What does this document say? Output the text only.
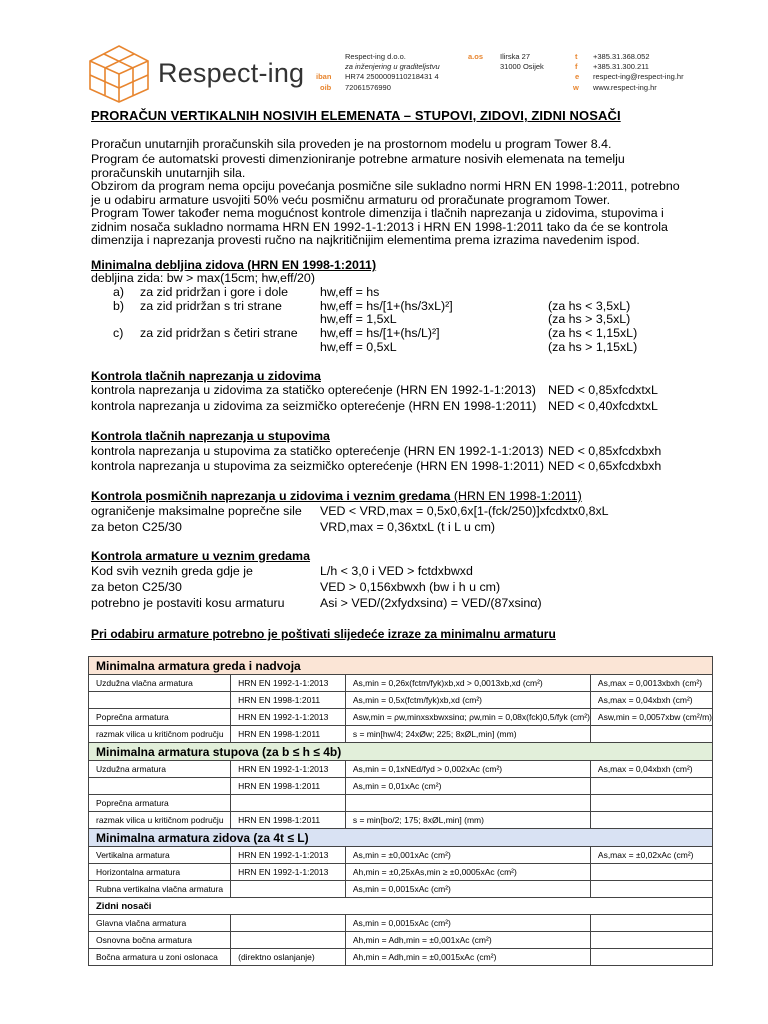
Respect-ing
Respect-ing d.o.o.
za inženjering u graditeljstvu
iban HR74 2500009110218431 4
oib 72061576990
a.os Ilirska 27
31000 Osijek
t +385.31.368.052
f +385.31.300.211
e respect-ing@respect-ing.hr
w www.respect-ing.hr
PRORAČUN VERTIKALNIH NOSIVIH ELEMENATA – STUPOVI, ZIDOVI, ZIDNI NOSAČI
Proračun unutarnjih proračunskih sila proveden je na prostornom modelu u program Tower 8.4.
Program će automatski provesti dimenzioniranje potrebne armature nosivih elemenata na temelju proračunskih unutarnjih sila.
Obzirom da program nema opciju povećanja posmične sile sukladno normi HRN EN 1998-1:2011, potrebno je u odabiru armature usvojiti 50% veću posmičnu armaturu od proračunate programom Tower.
Program Tower također nema mogućnost kontrole dimenzija i tlačnih naprezanja u zidovima, stupovima i zidnim nosača sukladno normama HRN EN 1992-1-1:2013 i HRN EN 1998-1:2011 tako da će se kontrola dimenzija i naprezanja provesti ručno na najkritičnijim elementima prema izrazima navedenim ispod.
Minimalna debljina zidova (HRN EN 1998-1:2011)
debljina zida: bw > max(15cm; hw,eff/20)
a) za zid pridržan i gore i dole	hw,eff = hs
b) za zid pridržan s tri strane	hw,eff = hs/[1+(hs/3xL)²]	(za hs < 3,5xL)
hw,eff = 1,5xL	(za hs > 3,5xL)
c) za zid pridržan s četiri strane hw,eff = hs/[1+(hs/L)²]	(za hs < 1,15xL)
hw,eff = 0,5xL	(za hs > 1,15xL)
Kontrola tlačnih naprezanja u zidovima
kontrola naprezanja u zidovima za statičko opterećenje (HRN EN 1992-1-1:2013) NED < 0,85xfcdxtxL
kontrola naprezanja u zidovima za seizmičko opterećenje (HRN EN 1998-1:2011) NED < 0,40xfcdxtxL
Kontrola tlačnih naprezanja u stupovima
kontrola naprezanja u stupovima za statičko opterećenje (HRN EN 1992-1-1:2013) NED < 0,85xfcdxbxh
kontrola naprezanja u stupovima za seizmičko opterećenje (HRN EN 1998-1:2011) NED < 0,65xfcdxbxh
Kontrola posmičnih naprezanja u zidovima i veznim gredama (HRN EN 1998-1:2011)
ograničenje maksimalne poprečne sile VED < VRD,max = 0,5x0,6x[1-(fck/250)]xfcdxtx0,8xL
za beton C25/30	VRD,max = 0,36xtxL (t i L u cm)
Kontrola armature u veznim gredama
Kod svih veznih greda gdje je	L/h < 3,0 i VED > fctdxbwxd
za beton C25/30	VED > 0,156xbwxh (bw i h u cm)
potrebno je postaviti kosu armaturu	Asi > VED/(2xfydxsinα) = VED/(87xsinα)
Pri odabiru armature potrebno je poštivati slijedeće izraze za minimalnu armaturu
Minimalna armatura greda i nadvoja			
Uzdužna vlačna armatura	HRN EN 1992-1-1:2013	As,min = 0,26x(fctm/fyk)xb,xd > 0,0013xb,xd (cm²)	As,max = 0,0013xbxh (cm²)
	HRN EN 1998-1:2011	As,min = 0,5x(fctm/fyk)xb,xd (cm²)	As,max = 0,04xbxh (cm²)
Poprečna armatura	HRN EN 1992-1-1:2013	Asw,min = ρw,minxsxbwxsinα; ρw,min = 0,08x(fck)0,5/fyk (cm²)	Asw,min = 0,0057xbw (cm²/m)
razmak vilica u kritičnom području	HRN EN 1998-1:2011	s = min[hw/4; 24xØw; 225; 8xØL,min] (mm)	
Minimalna armatura stupova (za b ≤ h ≤ 4b)			
Uzdužna armatura	HRN EN 1992-1-1:2013	As,min = 0,1xNEd/fyd > 0,002xAc (cm²)	As,max = 0,04xbxh (cm²)
	HRN EN 1998-1:2011	As,min = 0,01xAc (cm²)	
Poprečna armatura			
razmak vilica u kritičnom području	HRN EN 1998-1:2011	s = min[bo/2; 175; 8xØL,min] (mm)	
Minimalna armatura zidova (za 4t ≤ L)			
Vertikalna armatura	HRN EN 1992-1-1:2013	As,min = ±0,001xAc (cm²)	As,max = ±0,02xAc (cm²)
Horizontalna armatura	HRN EN 1992-1-1:2013	Ah,min = ±0,25xAs,min ≥ ±0,0005xAc (cm²)	
Rubna vertikalna vlačna armatura		As,min = 0,0015xAc (cm²)	
Zidni nosači			
Glavna vlačna armatura		As,min = 0,0015xAc (cm²)	
Osnovna bočna armatura		Ah,min = Adh,min = ±0,001xAc (cm²)	
Bočna armatura u zoni oslonaca	(direktno oslanjanje)	Ah,min = Adh,min = ±0,0015xAc (cm²)	
